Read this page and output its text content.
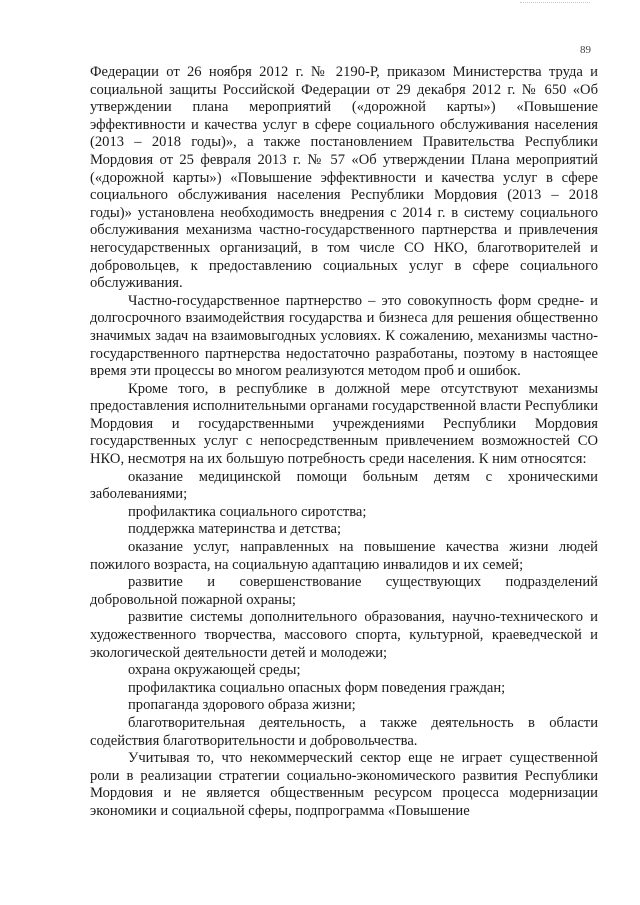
89

Федерации от 26 ноября 2012 г. № 2190-Р, приказом Министерства труда и социальной защиты Российской Федерации от 29 декабря 2012 г. № 650 «Об утверждении плана мероприятий («дорожной карты») «Повышение эффективности и качества услуг в сфере социального обслуживания населения (2013 – 2018 годы)», а также постановлением Правительства Республики Мордовия от 25 февраля 2013 г. № 57 «Об утверждении Плана мероприятий («дорожной карты») «Повышение эффективности и качества услуг в сфере социального обслуживания населения Республики Мордовия (2013 – 2018 годы)» установлена необходимость внедрения с 2014 г. в систему социального обслуживания механизма частно-государственного партнерства и привлечения негосударственных организаций, в том числе СО НКО, благотворителей и добровольцев, к предоставлению социальных услуг в сфере социального обслуживания.

Частно-государственное партнерство – это совокупность форм средне- и долгосрочного взаимодействия государства и бизнеса для решения общественно значимых задач на взаимовыгодных условиях. К сожалению, механизмы частно-государственного партнерства недостаточно разработаны, поэтому в настоящее время эти процессы во многом реализуются методом проб и ошибок.

Кроме того, в республике в должной мере отсутствуют механизмы предоставления исполнительными органами государственной власти Республики Мордовия и государственными учреждениями Республики Мордовия государственных услуг с непосредственным привлечением возможностей СО НКО, несмотря на их большую потребность среди населения. К ним относятся:

оказание медицинской помощи больным детям с хроническими заболеваниями;

профилактика социального сиротства;

поддержка материнства и детства;

оказание услуг, направленных на повышение качества жизни людей пожилого возраста, на социальную адаптацию инвалидов и их семей;

развитие и совершенствование существующих подразделений добровольной пожарной охраны;

развитие системы дополнительного образования, научно-технического и художественного творчества, массового спорта, культурной, краеведческой и экологической деятельности детей и молодежи;

охрана окружающей среды;

профилактика социально опасных форм поведения граждан;

пропаганда здорового образа жизни;

благотворительная деятельность, а также деятельность в области содействия благотворительности и добровольчества.

Учитывая то, что некоммерческий сектор еще не играет существенной роли в реализации стратегии социально-экономического развития Республики Мордовия и не является общественным ресурсом процесса модернизации экономики и социальной сферы, подпрограмма «Повышение
